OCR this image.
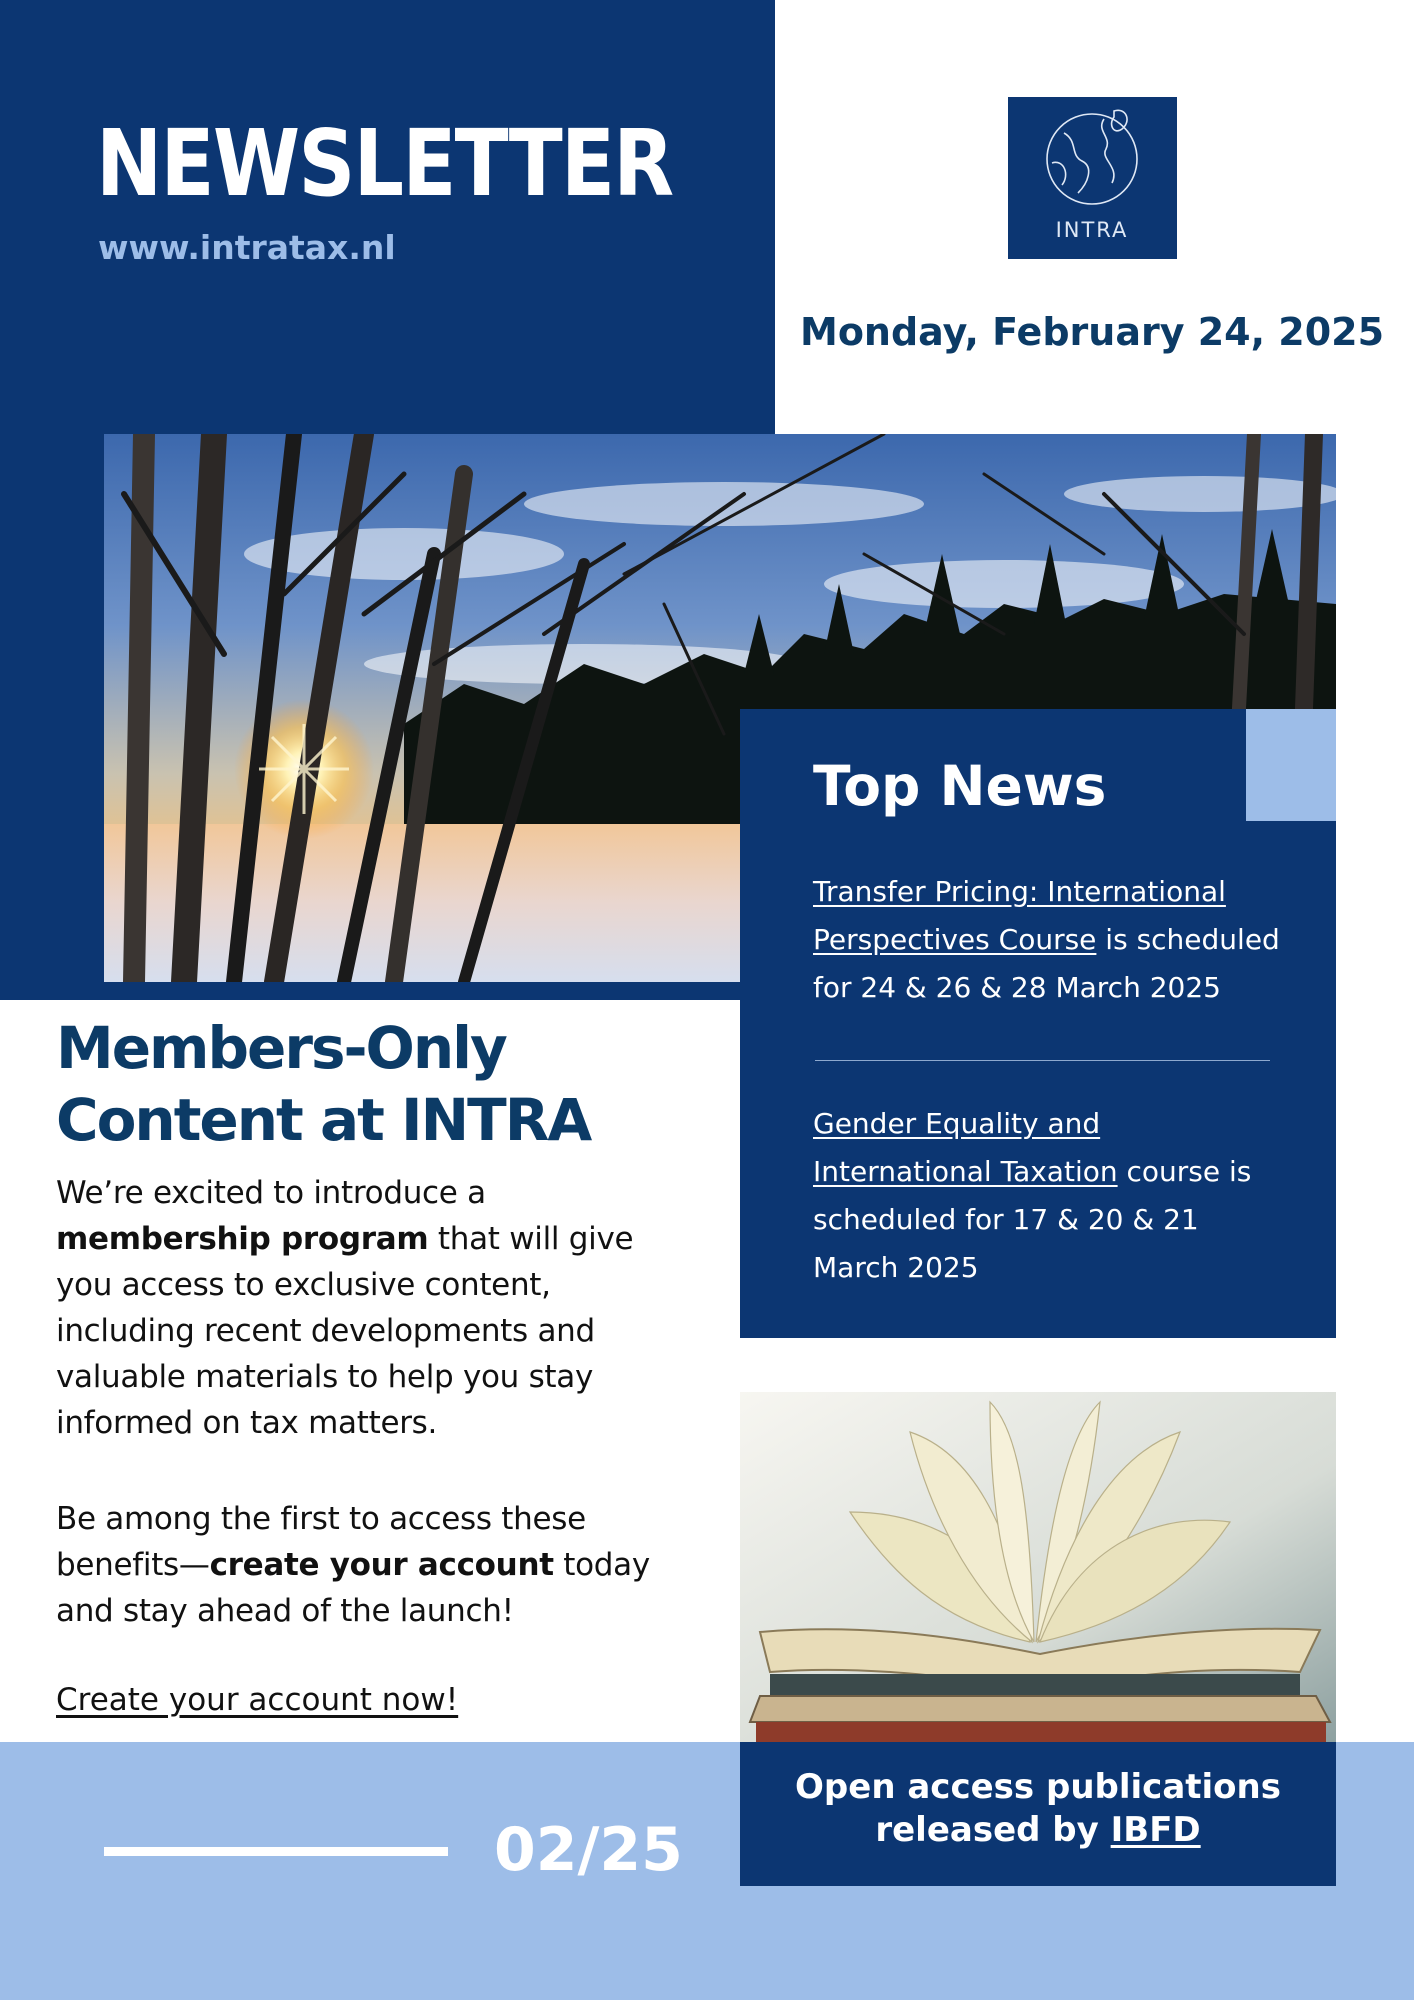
NEWSLETTER
www.intratax.nl	INTRA
Monday, February 24, 2025
Top News
Transfer Pricing: International Perspectives Course is scheduled for 24 & 26 & 28 March 2025
Gender Equality and International Taxation course is scheduled for 17 & 20 & 21 March 2025
Members-Only
Content at INTRA
We’re excited to introduce a membership program that will give you access to exclusive content, including recent developments and valuable materials to help you stay informed on tax matters.
Be among the first to access these benefits—create your account today and stay ahead of the launch!
Create your account now!
02/25
Open access publications
released by IBFD
